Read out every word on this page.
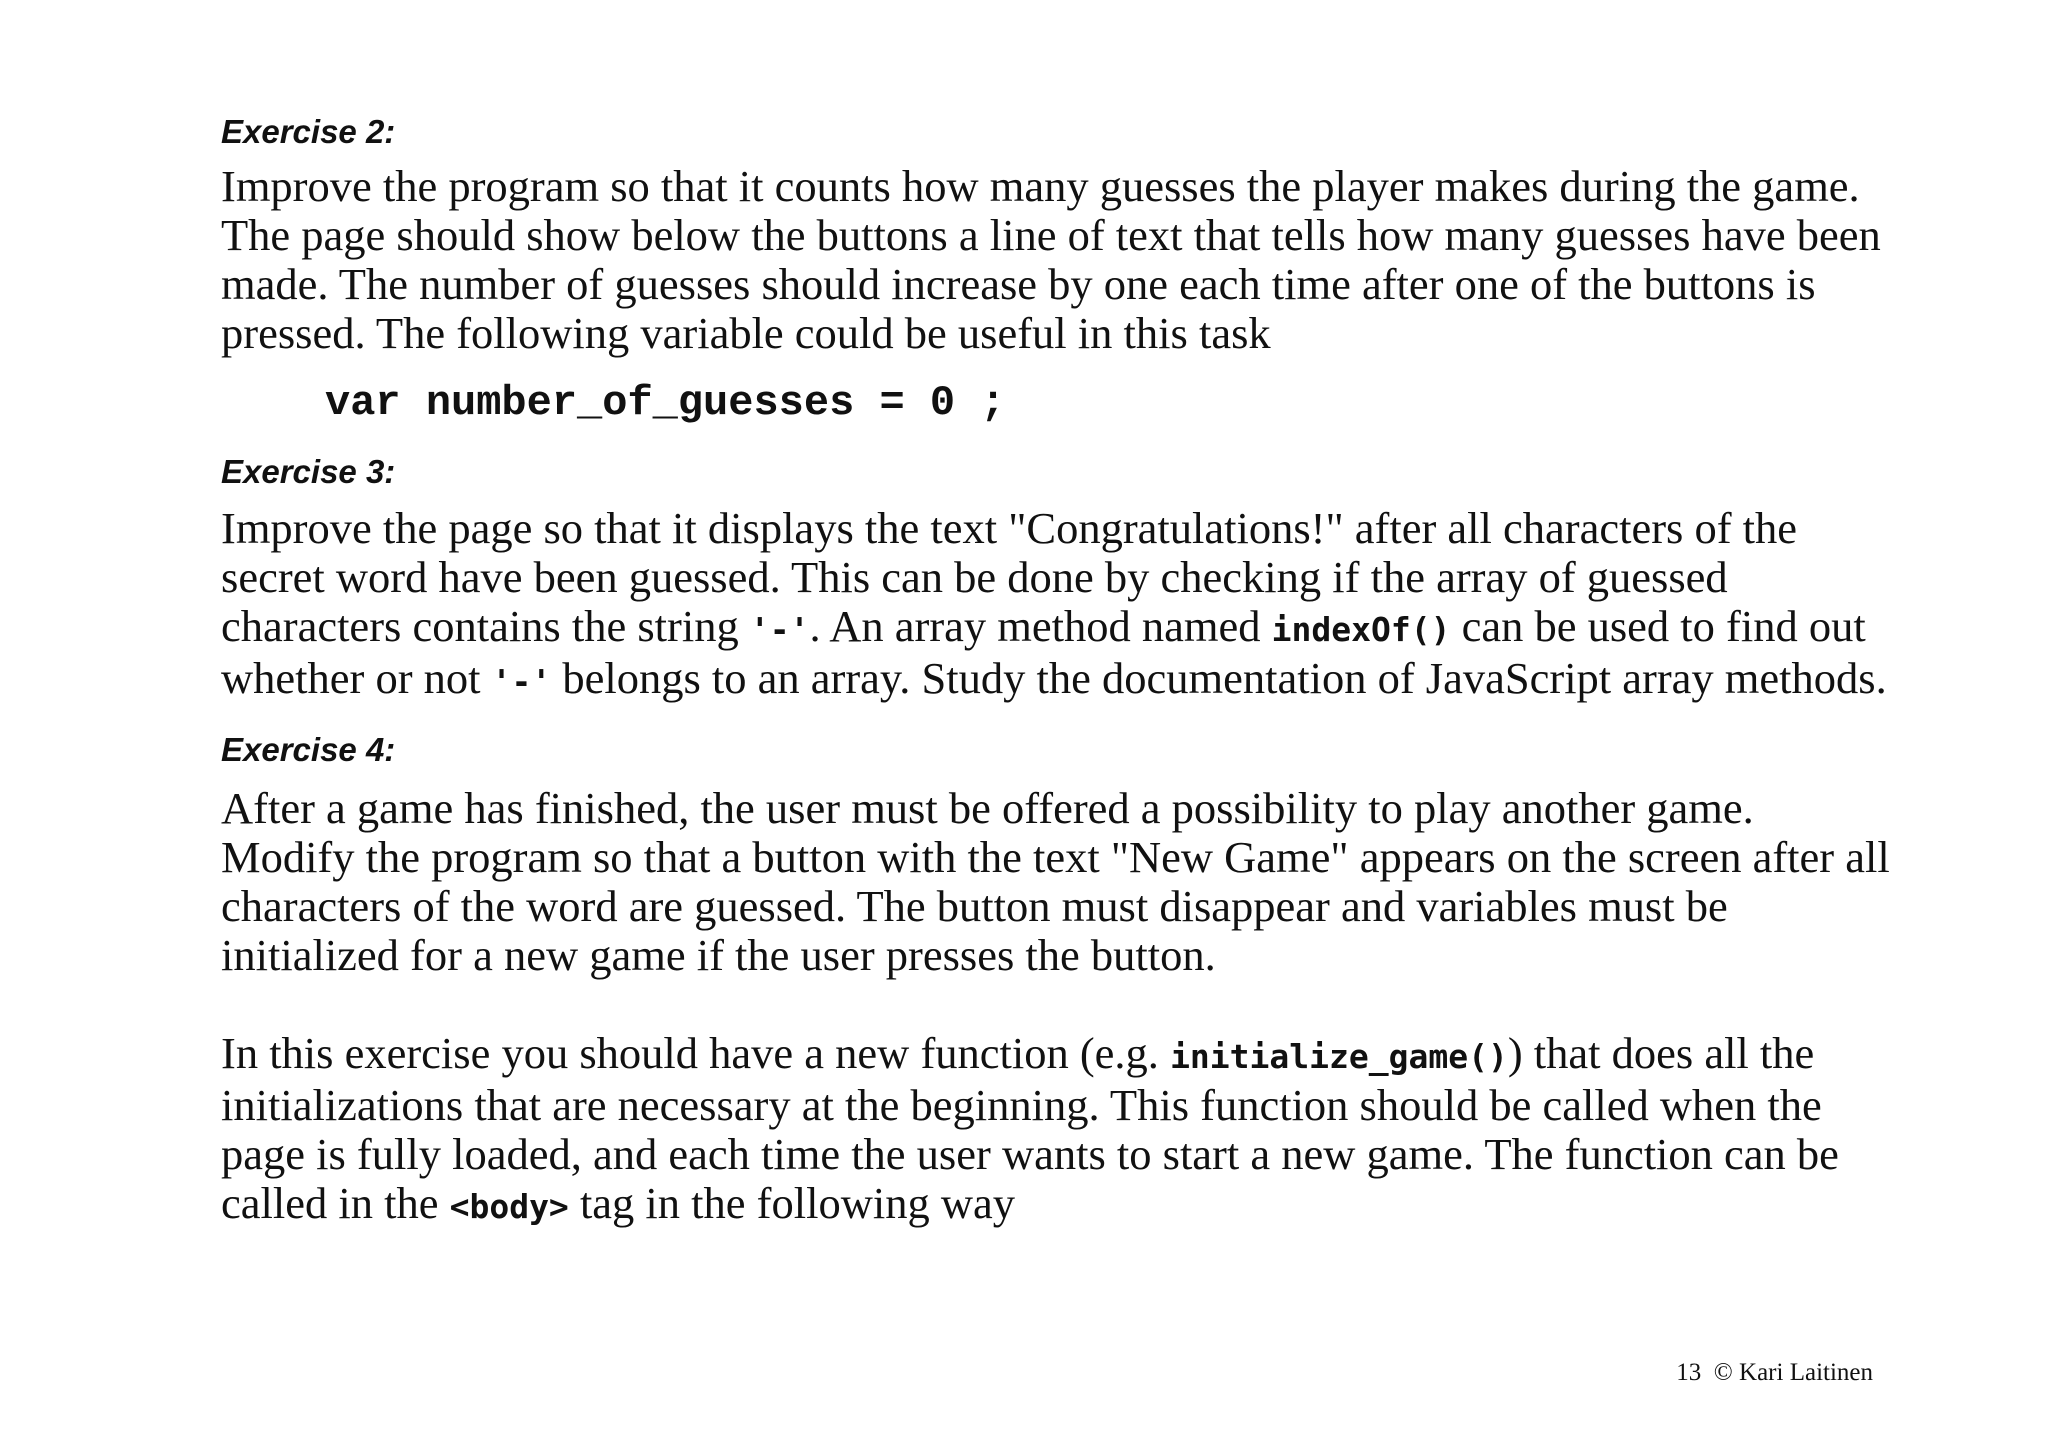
Exercise 2:

Improve the program so that it counts how many guesses the player makes during the game.
The page should show below the buttons a line of text that tells how many guesses have been
made. The number of guesses should increase by one each time after one of the buttons is
pressed. The following variable could be useful in this task

var number_of_guesses = 0 ;
Exercise 3:

Improve the page so that it displays the text "Congratulations!" after all characters of the
secret word have been guessed. This can be done by checking if the array of guessed
characters contains the string '-'. An array method named indexOf() can be used to find out
whether or not '-' belongs to an array. Study the documentation of JavaScript array methods.

Exercise 4:

After a game has finished, the user must be offered a possibility to play another game.
Modify the program so that a button with the text "New Game" appears on the screen after all
characters of the word are guessed. The button must disappear and variables must be
initialized for a new game if the user presses the button.

In this exercise you should have a new function (e.g. initialize_game()) that does all the
initializations that are necessary at the beginning. This function should be called when the
page is fully loaded, and each time the user wants to start a new game. The function can be
called in the <body> tag in the following way

13 © Kari Laitinen
